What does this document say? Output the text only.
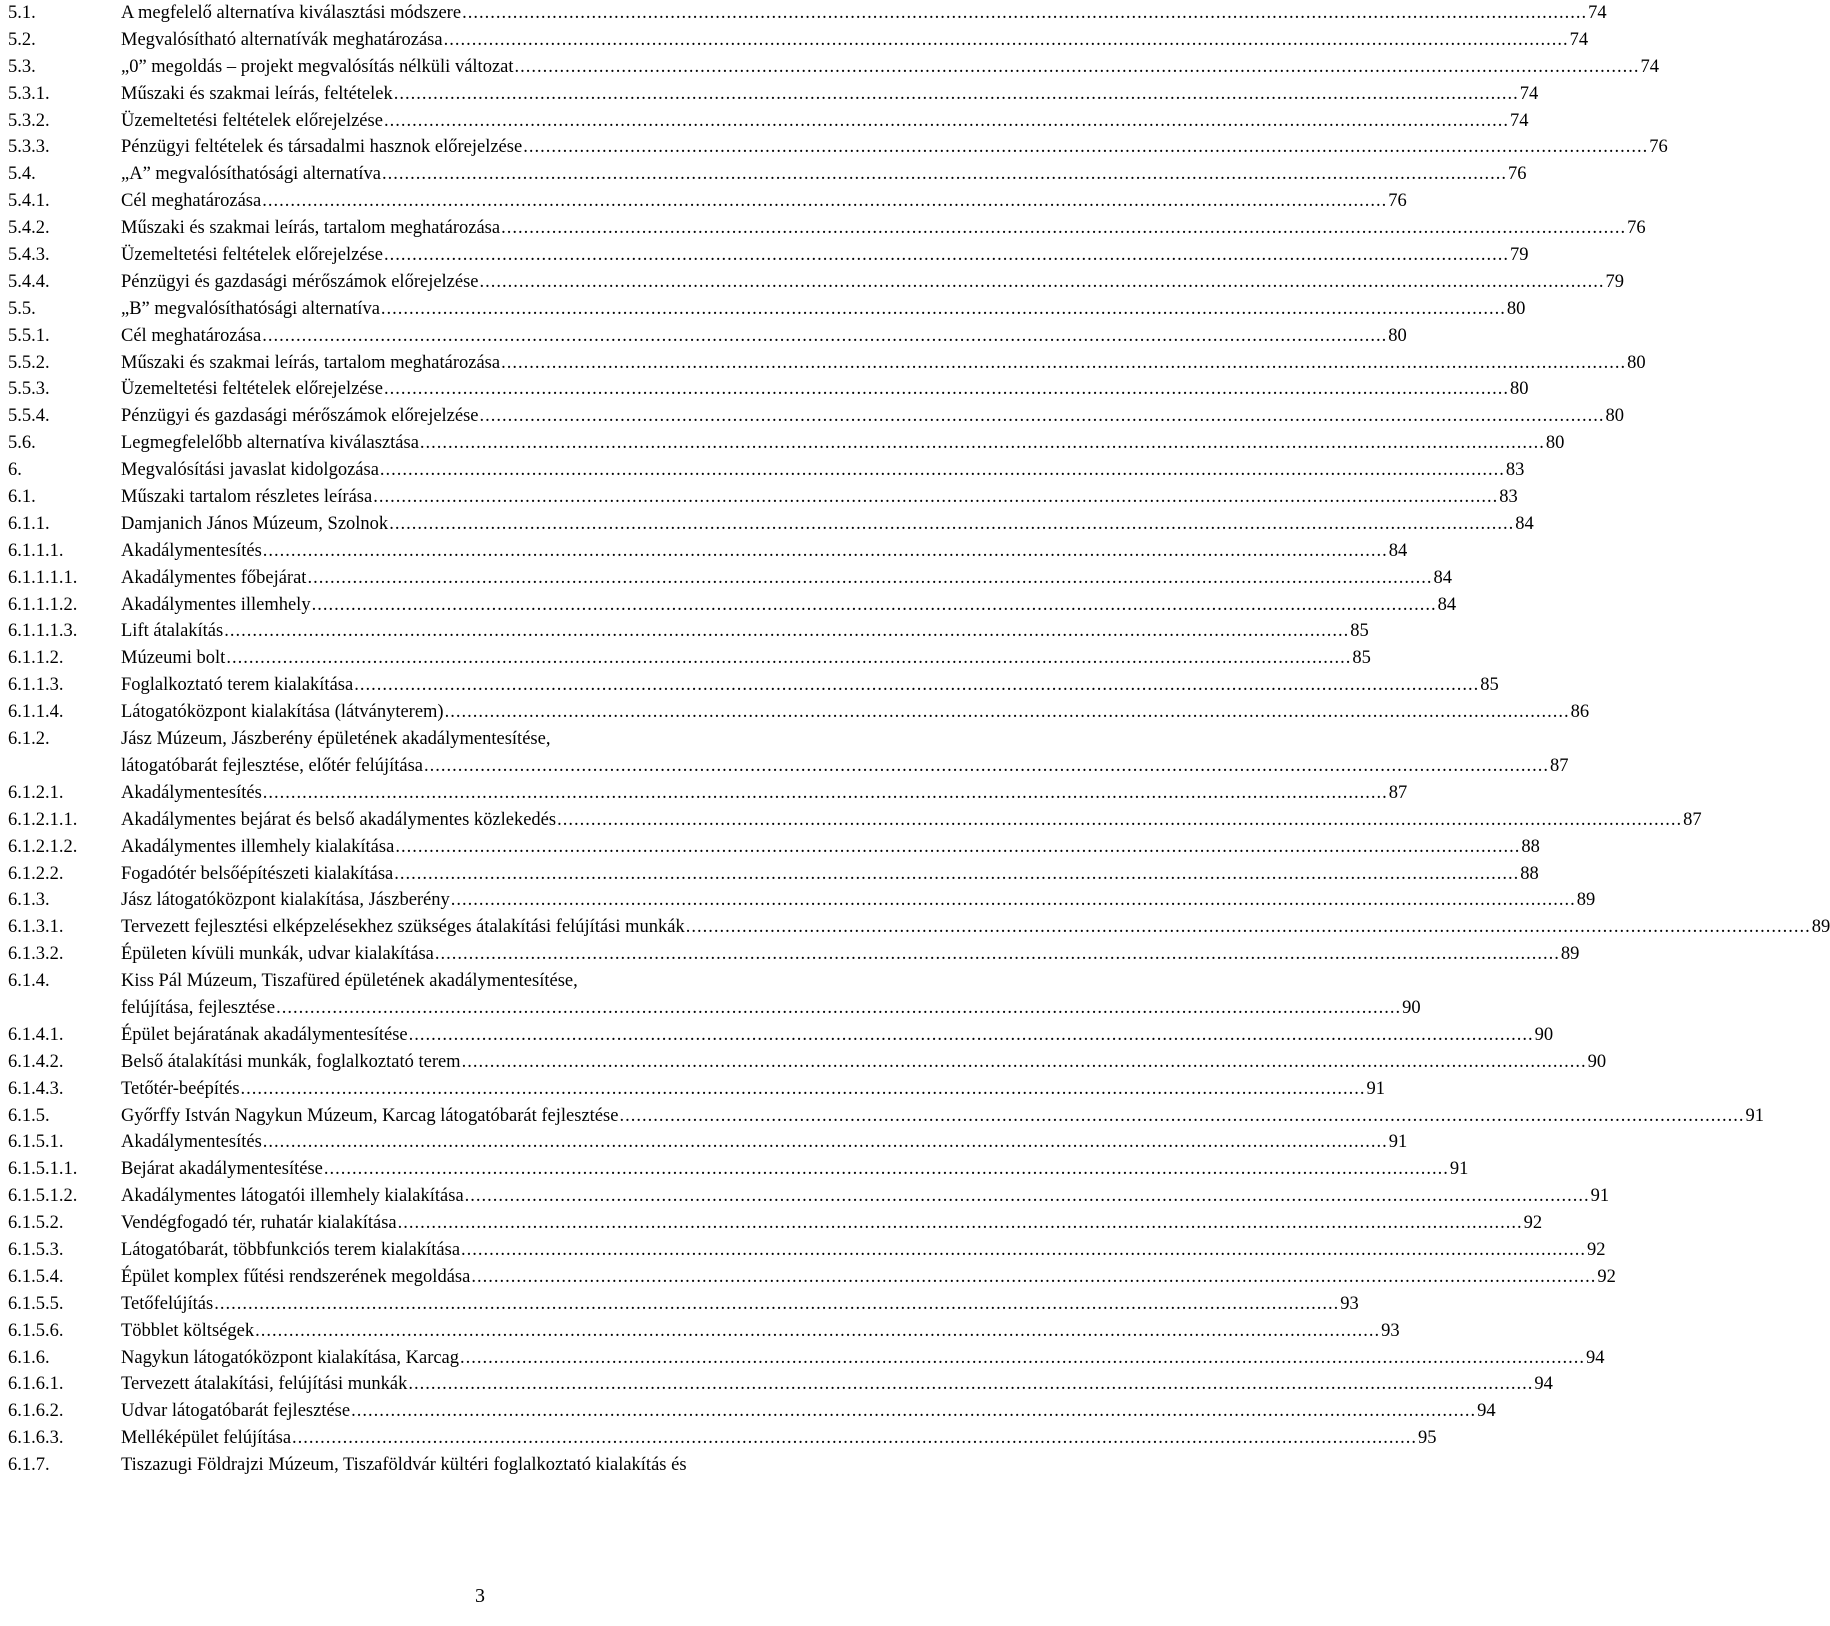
5.1.	A megfelelő alternatíva kiválasztási módszere ........................................................................................................................................................................................................ 74
5.2.	Megvalósítható alternatívák meghatározása ........................................................................................................................................................................................................ 74
5.3.	„0” megoldás – projekt megvalósítás nélküli változat ........................................................................................................................................................................................................ 74
5.3.1.	Műszaki és szakmai leírás, feltételek ........................................................................................................................................................................................................ 74
5.3.2.	Üzemeltetési feltételek előrejelzése ........................................................................................................................................................................................................ 74
5.3.3.	Pénzügyi feltételek és társadalmi hasznok előrejelzése ........................................................................................................................................................................................................ 76
5.4.	„A” megvalósíthatósági alternatíva ........................................................................................................................................................................................................ 76
5.4.1.	Cél meghatározása ........................................................................................................................................................................................................ 76
5.4.2.	Műszaki és szakmai leírás, tartalom meghatározása ........................................................................................................................................................................................................ 76
5.4.3.	Üzemeltetési feltételek előrejelzése ........................................................................................................................................................................................................ 79
5.4.4.	Pénzügyi és gazdasági mérőszámok előrejelzése ........................................................................................................................................................................................................ 79
5.5.	„B” megvalósíthatósági alternatíva ........................................................................................................................................................................................................ 80
5.5.1.	Cél meghatározása ........................................................................................................................................................................................................ 80
5.5.2.	Műszaki és szakmai leírás, tartalom meghatározása ........................................................................................................................................................................................................ 80
5.5.3.	Üzemeltetési feltételek előrejelzése ........................................................................................................................................................................................................ 80
5.5.4.	Pénzügyi és gazdasági mérőszámok előrejelzése ........................................................................................................................................................................................................ 80
5.6.	Legmegfelelőbb alternatíva kiválasztása ........................................................................................................................................................................................................ 80
6.	Megvalósítási javaslat kidolgozása ........................................................................................................................................................................................................ 83
6.1.	Műszaki tartalom részletes leírása ........................................................................................................................................................................................................ 83
6.1.1.	Damjanich János Múzeum, Szolnok ........................................................................................................................................................................................................ 84
6.1.1.1.	Akadálymentesítés ........................................................................................................................................................................................................ 84
6.1.1.1.1. Akadálymentes főbejárat ........................................................................................................................................................................................................ 84
6.1.1.1.2. Akadálymentes illemhely ........................................................................................................................................................................................................ 84
6.1.1.1.3. Lift átalakítás ........................................................................................................................................................................................................ 85
6.1.1.2.	Múzeumi bolt ........................................................................................................................................................................................................ 85
6.1.1.3.	Foglalkoztató terem kialakítása ........................................................................................................................................................................................................ 85
6.1.1.4.	Látogatóközpont kialakítása (látványterem) ........................................................................................................................................................................................................ 86
6.1.2.	Jász Múzeum, Jászberény épületének akadálymentesítése,
látogatóbarát fejlesztése, előtér felújítása ........................................................................................................................................................................................................ 87
6.1.2.1.	Akadálymentesítés ........................................................................................................................................................................................................ 87
6.1.2.1.1. Akadálymentes bejárat és belső akadálymentes közlekedés ........................................................................................................................................................................................................ 87
6.1.2.1.2. Akadálymentes illemhely kialakítása ........................................................................................................................................................................................................ 88
6.1.2.2.	Fogadótér belsőépítészeti kialakítása ........................................................................................................................................................................................................ 88
6.1.3.	Jász látogatóközpont kialakítása, Jászberény ........................................................................................................................................................................................................ 89
6.1.3.1.	Tervezett fejlesztési elképzelésekhez szükséges átalakítási felújítási munkák ........................................................................................................................................................................................................ 89
6.1.3.2.	Épületen kívüli munkák, udvar kialakítása ........................................................................................................................................................................................................ 89
6.1.4.	Kiss Pál Múzeum, Tiszafüred épületének akadálymentesítése,
felújítása, fejlesztése ........................................................................................................................................................................................................ 90
6.1.4.1.	Épület bejáratának akadálymentesítése ........................................................................................................................................................................................................ 90
6.1.4.2.	Belső átalakítási munkák, foglalkoztató terem ........................................................................................................................................................................................................ 90
6.1.4.3.	Tetőtér-beépítés ........................................................................................................................................................................................................ 91
6.1.5.	Győrffy István Nagykun Múzeum, Karcag látogatóbarát fejlesztése ........................................................................................................................................................................................................ 91
6.1.5.1.	Akadálymentesítés ........................................................................................................................................................................................................ 91
6.1.5.1.1. Bejárat akadálymentesítése ........................................................................................................................................................................................................ 91
6.1.5.1.2. Akadálymentes látogatói illemhely kialakítása ........................................................................................................................................................................................................ 91
6.1.5.2.	Vendégfogadó tér, ruhatár kialakítása ........................................................................................................................................................................................................ 92
6.1.5.3.	Látogatóbarát, többfunkciós terem kialakítása ........................................................................................................................................................................................................ 92
6.1.5.4.	Épület komplex fűtési rendszerének megoldása ........................................................................................................................................................................................................ 92
6.1.5.5.	Tetőfelújítás ........................................................................................................................................................................................................ 93
6.1.5.6.	Többlet költségek ........................................................................................................................................................................................................ 93
6.1.6.	Nagykun látogatóközpont kialakítása, Karcag ........................................................................................................................................................................................................ 94
6.1.6.1.	Tervezett átalakítási, felújítási munkák ........................................................................................................................................................................................................ 94
6.1.6.2.	Udvar látogatóbarát fejlesztése ........................................................................................................................................................................................................ 94
6.1.6.3.	Melléképület felújítása ........................................................................................................................................................................................................ 95
6.1.7.	Tiszazugi Földrajzi Múzeum, Tiszaföldvár kültéri foglalkoztató kialakítás és
3
